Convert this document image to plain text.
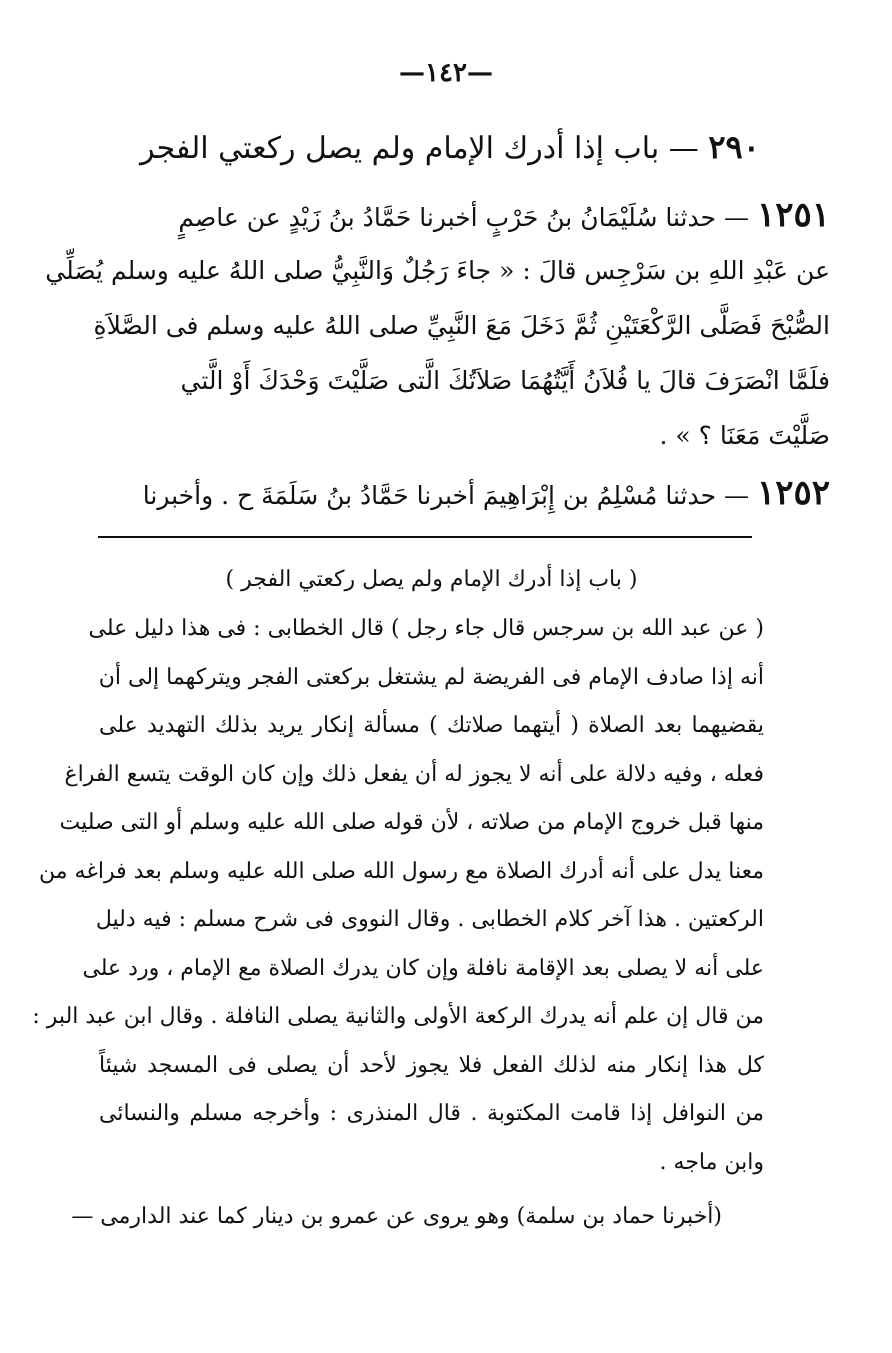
—١٤٢—
٢٩٠ — باب إذا أدرك الإمام ولم يصل ركعتي الفجر
١٢٥١ — حدثنا سُلَيْمَانُ بنُ حَرْبٍ أخبرنا حَمَّادُ بنُ زَيْدٍ عن عاصِمٍ
عن عَبْدِ اللهِ بن سَرْجِس قالَ : « جاءَ رَجُلٌ وَالنَّبِيُّ صلى اللهُ عليه وسلم يُصَلِّي
الصُّبْحَ فَصَلَّى الرَّكْعَتَيْنِ ثُمَّ دَخَلَ مَعَ النَّبِيِّ صلى اللهُ عليه وسلم فى الصَّلاَةِ
فلَمَّا انْصَرَفَ قالَ يا فُلاَنُ أَيَّتُهُمَا صَلاَتُكَ الَّتى صَلَّيْتَ وَحْدَكَ أَوْ الَّتي
صَلَّيْتَ مَعَنَا ؟ » .
١٢٥٢ — حدثنا مُسْلِمُ بن إِبْرَاهِيمَ أخبرنا حَمَّادُ بنُ سَلَمَةَ ح . وأخبرنا
( باب إذا أدرك الإمام ولم يصل ركعتي الفجر )
( عن عبد الله بن سرجس قال جاء رجل ) قال الخطابى : فى هذا دليل على
أنه إذا صادف الإمام فى الفريضة لم يشتغل بركعتى الفجر ويتركهما إلى أن
يقضيهما بعد الصلاة ( أيتهما صلاتك ) مسألة إنكار يريد بذلك التهديد على
فعله ، وفيه دلالة على أنه لا يجوز له أن يفعل ذلك وإن كان الوقت يتسع الفراغ
منها قبل خروج الإمام من صلاته ، لأن قوله صلى الله عليه وسلم أو التى صليت
معنا يدل على أنه أدرك الصلاة مع رسول الله صلى الله عليه وسلم بعد فراغه من
الركعتين . هذا آخر كلام الخطابى . وقال النووى فى شرح مسلم : فيه دليل
على أنه لا يصلى بعد الإقامة نافلة وإن كان يدرك الصلاة مع الإمام ، ورد على
من قال إن علم أنه يدرك الركعة الأولى والثانية يصلى النافلة . وقال ابن عبد البر :
كل هذا إنكار منه لذلك الفعل فلا يجوز لأحد أن يصلى فى المسجد شيئاً
من النوافل إذا قامت المكتوبة . قال المنذرى : وأخرجه مسلم والنسائى
وابن ماجه .
(أخبرنا حماد بن سلمة) وهو يروى عن عمرو بن دينار كما عند الدارمى —
